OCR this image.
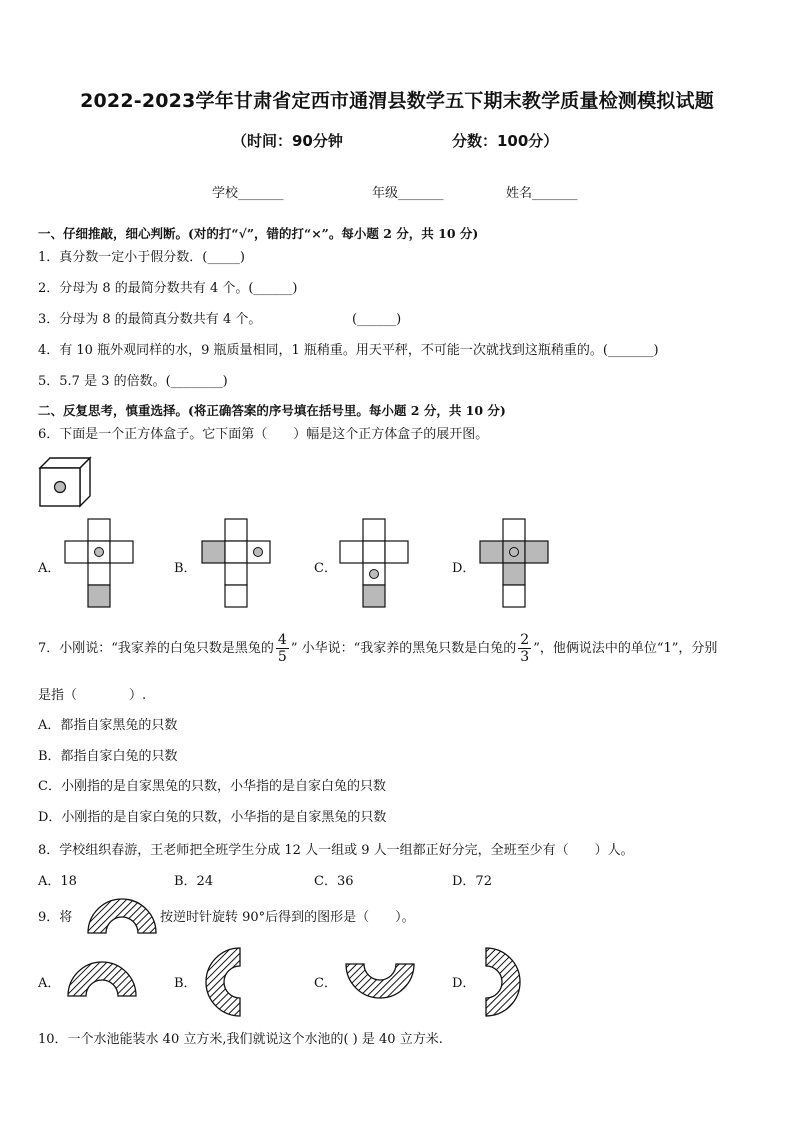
2022-2023学年甘肃省定西市通渭县数学五下期末教学质量检测模拟试题
（时间：90分钟	分数：100分）
学校_______	年级_______	姓名_______
一、仔细推敲，细心判断。(对的打“√”，错的打“×”。每小题 2 分，共 10 分)
1．真分数一定小于假分数．(_____)
2．分母为 8 的最简分数共有 4 个。(______)
3．分母为 8 的最简真分数共有 4 个。	(______)
4．有 10 瓶外观同样的水，9 瓶质量相同，1 瓶稍重。用天平秤，不可能一次就找到这瓶稍重的。(_______)
5．5.7 是 3 的倍数。(________)
二、反复思考，慎重选择。(将正确答案的序号填在括号里。每小题 2 分，共 10 分)
6．下面是一个正方体盒子。它下面第（　　）幅是这个正方体盒子的展开图。
A．	B．	C．	D．
7．小刚说：“我家养的白兔只数是黑兔的 $\frac{4}{5}$ ” 小华说：“我家养的黑兔只数是白兔的 $\frac{2}{3}$ ”，他俩说法中的单位“1”，分别
是指（　　　　）.
A．都指自家黑兔的只数
B．都指自家白兔的只数
C．小刚指的是自家黑兔的只数，小华指的是自家白兔的只数
D．小刚指的是自家白兔的只数，小华指的是自家黑兔的只数
8．学校组织春游，王老师把全班学生分成 12 人一组或 9 人一组都正好分完，全班至少有（　　）人。
A．18	B．24	C．36	D．72
9．将	按逆时针旋转 90°后得到的图形是（　　）。
A．	B．	C．	D．
10．一个水池能装水 40 立方米,我们就说这个水池的( ) 是 40 立方米.
